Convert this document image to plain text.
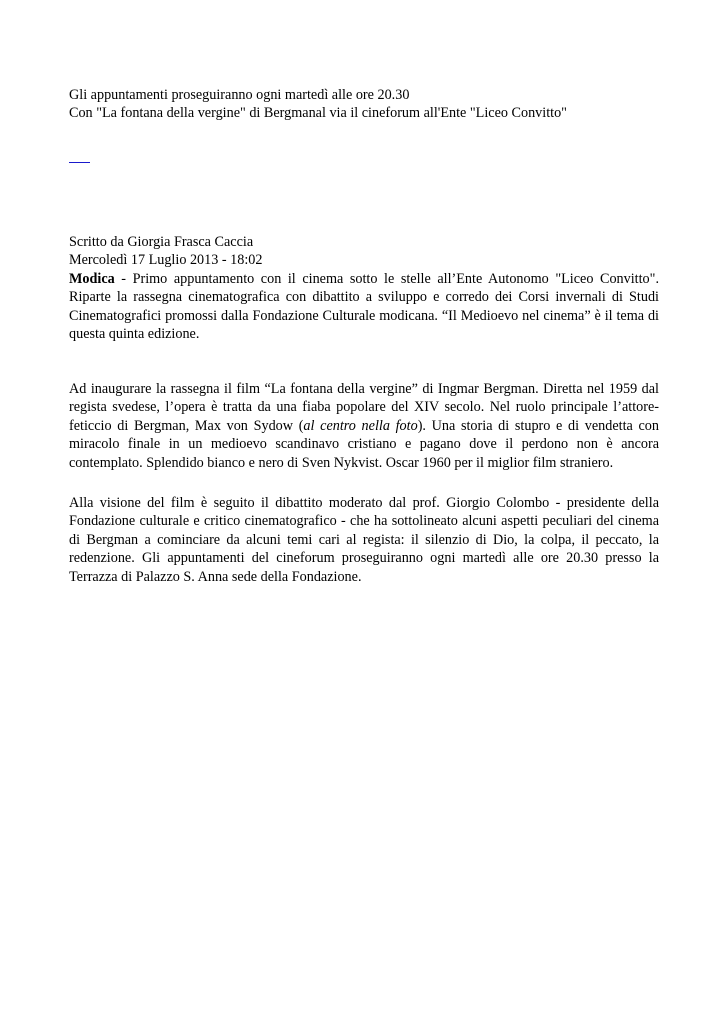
Gli appuntamenti proseguiranno ogni martedì alle ore 20.30
Con "La fontana della vergine" di Bergmanal via il cineforum all'Ente "Liceo Convitto"
Scritto da Giorgia Frasca Caccia
Mercoledì 17 Luglio 2013 - 18:02
Modica - Primo appuntamento con il cinema sotto le stelle all’Ente Autonomo "Liceo Convitto". Riparte la rassegna cinematografica con dibattito a sviluppo e corredo dei Corsi invernali di Studi Cinematografici promossi dalla Fondazione Culturale modicana. “Il Medioevo nel cinema” è il tema di questa quinta edizione.
Ad inaugurare la rassegna il film “La fontana della vergine” di Ingmar Bergman. Diretta nel 1959 dal regista svedese, l’opera è tratta da una fiaba popolare del XIV secolo. Nel ruolo principale l’attore-feticcio di Bergman, Max von Sydow (al centro nella foto). Una storia di stupro e di vendetta con miracolo finale in un medioevo scandinavo cristiano e pagano dove il perdono non è ancora contemplato. Splendido bianco e nero di Sven Nykvist. Oscar 1960 per il miglior film straniero.
Alla visione del film è seguito il dibattito moderato dal prof. Giorgio Colombo - presidente della Fondazione culturale e critico cinematografico - che ha sottolineato alcuni aspetti peculiari del cinema di Bergman a cominciare da alcuni temi cari al regista: il silenzio di Dio, la colpa, il peccato, la redenzione. Gli appuntamenti del cineforum proseguiranno ogni martedì alle ore 20.30 presso la Terrazza di Palazzo S. Anna sede della Fondazione.
